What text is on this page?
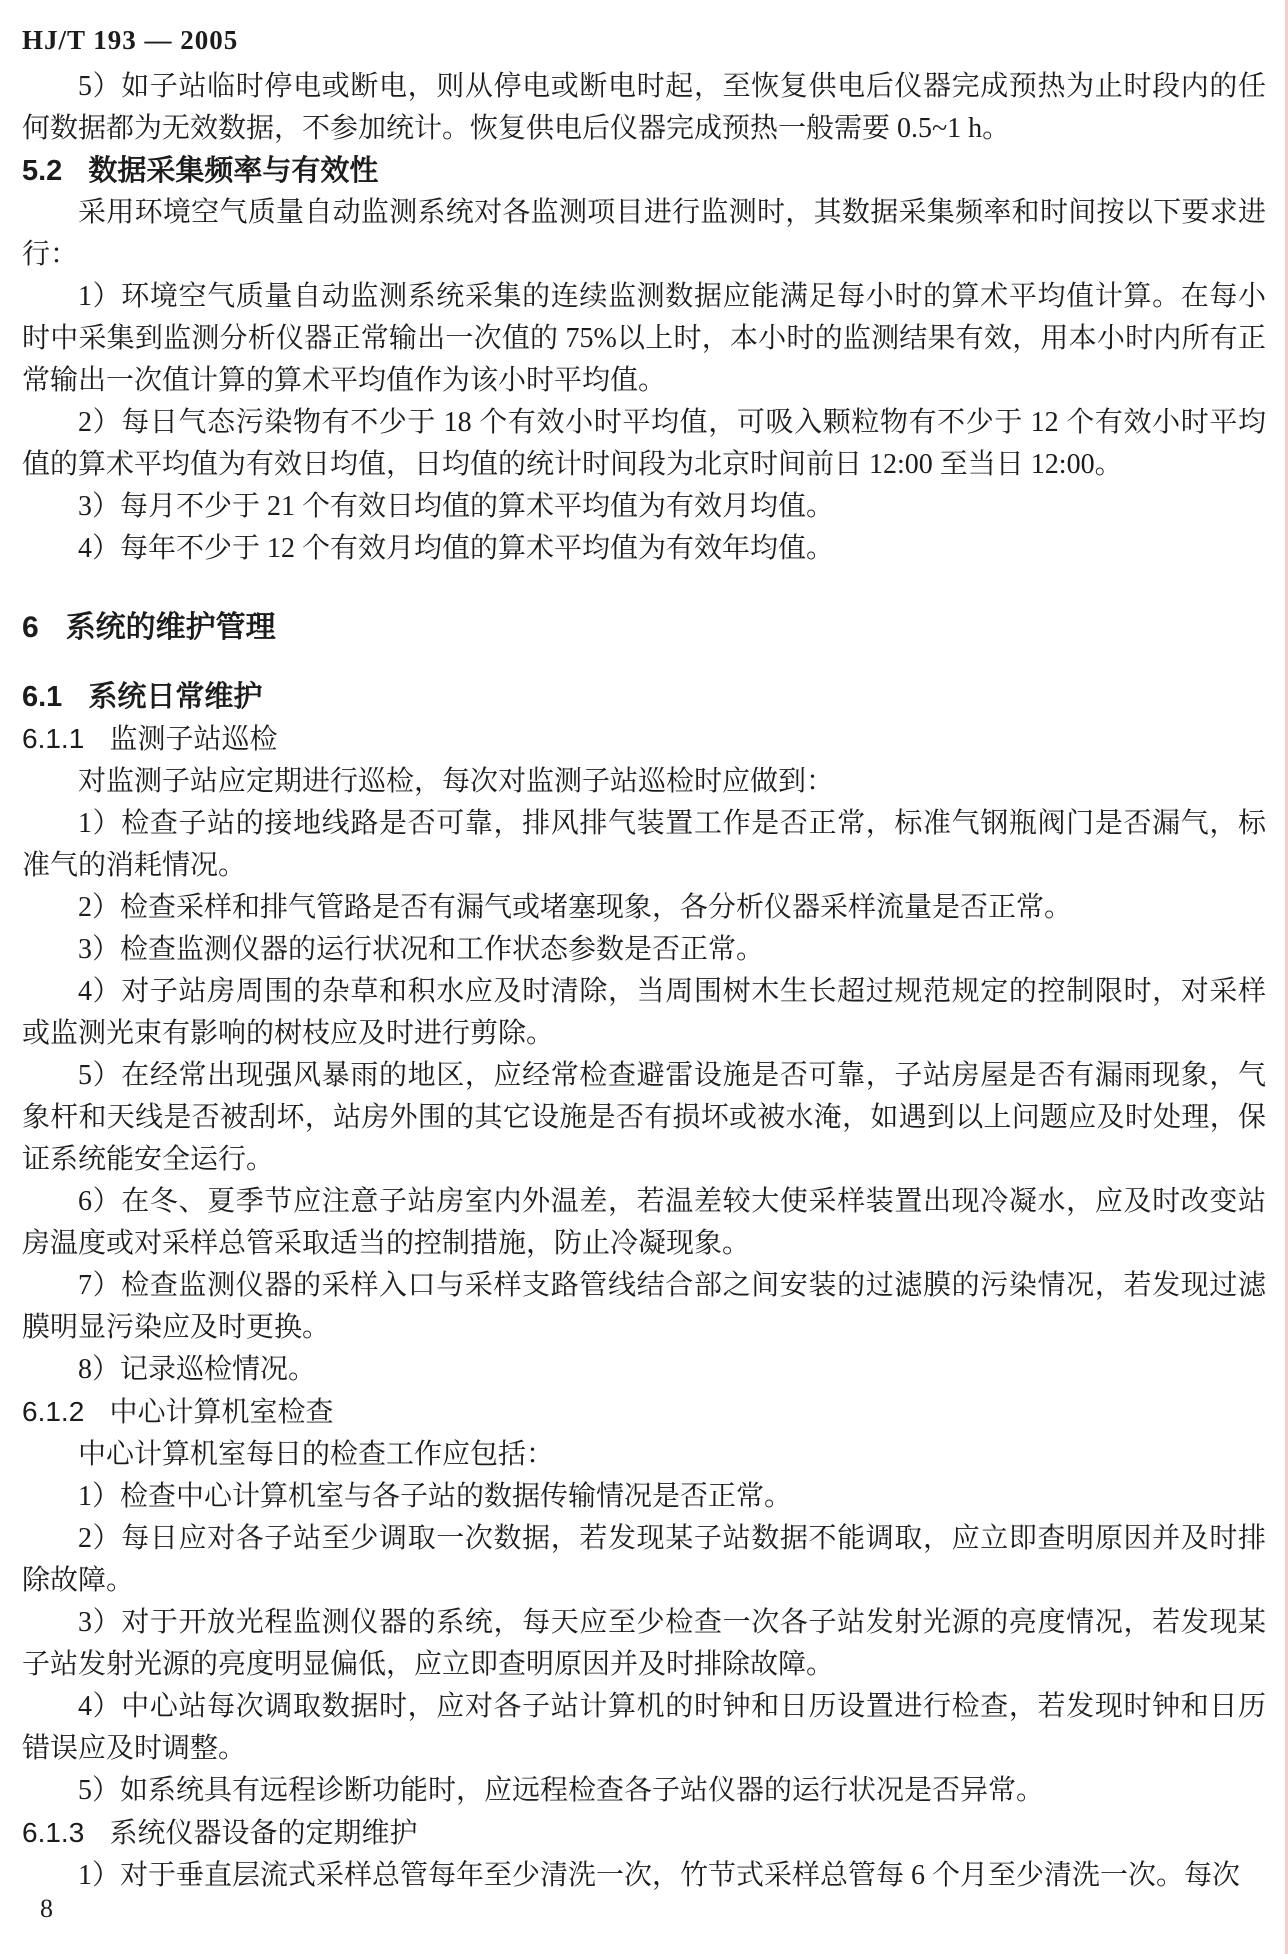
HJ/T 193 — 2005

5）如子站临时停电或断电，则从停电或断电时起，至恢复供电后仪器完成预热为止时段内的任何数据都为无效数据，不参加统计。恢复供电后仪器完成预热一般需要 0.5~1 h。

5.2 数据采集频率与有效性

采用环境空气质量自动监测系统对各监测项目进行监测时，其数据采集频率和时间按以下要求进行：

1）环境空气质量自动监测系统采集的连续监测数据应能满足每小时的算术平均值计算。在每小时中采集到监测分析仪器正常输出一次值的 75%以上时，本小时的监测结果有效，用本小时内所有正常输出一次值计算的算术平均值作为该小时平均值。

2）每日气态污染物有不少于 18 个有效小时平均值，可吸入颗粒物有不少于 12 个有效小时平均值的算术平均值为有效日均值，日均值的统计时间段为北京时间前日 12:00 至当日 12:00。

3）每月不少于 21 个有效日均值的算术平均值为有效月均值。

4）每年不少于 12 个有效月均值的算术平均值为有效年均值。

6 系统的维护管理
6.1 系统日常维护
6.1.1 监测子站巡检

对监测子站应定期进行巡检，每次对监测子站巡检时应做到：

1）检查子站的接地线路是否可靠，排风排气装置工作是否正常，标准气钢瓶阀门是否漏气，标准气的消耗情况。

2）检查采样和排气管路是否有漏气或堵塞现象，各分析仪器采样流量是否正常。

3）检查监测仪器的运行状况和工作状态参数是否正常。

4）对子站房周围的杂草和积水应及时清除，当周围树木生长超过规范规定的控制限时，对采样或监测光束有影响的树枝应及时进行剪除。

5）在经常出现强风暴雨的地区，应经常检查避雷设施是否可靠，子站房屋是否有漏雨现象，气象杆和天线是否被刮坏，站房外围的其它设施是否有损坏或被水淹，如遇到以上问题应及时处理，保证系统能安全运行。

6）在冬、夏季节应注意子站房室内外温差，若温差较大使采样装置出现冷凝水，应及时改变站房温度或对采样总管采取适当的控制措施，防止冷凝现象。

7）检查监测仪器的采样入口与采样支路管线结合部之间安装的过滤膜的污染情况，若发现过滤膜明显污染应及时更换。

8）记录巡检情况。

6.1.2 中心计算机室检查

中心计算机室每日的检查工作应包括：

1）检查中心计算机室与各子站的数据传输情况是否正常。

2）每日应对各子站至少调取一次数据，若发现某子站数据不能调取，应立即查明原因并及时排除故障。

3）对于开放光程监测仪器的系统，每天应至少检查一次各子站发射光源的亮度情况，若发现某子站发射光源的亮度明显偏低，应立即查明原因并及时排除故障。

4）中心站每次调取数据时，应对各子站计算机的时钟和日历设置进行检查，若发现时钟和日历错误应及时调整。

5）如系统具有远程诊断功能时，应远程检查各子站仪器的运行状况是否异常。

6.1.3 系统仪器设备的定期维护

1）对于垂直层流式采样总管每年至少清洗一次，竹节式采样总管每 6 个月至少清洗一次。每次

8
